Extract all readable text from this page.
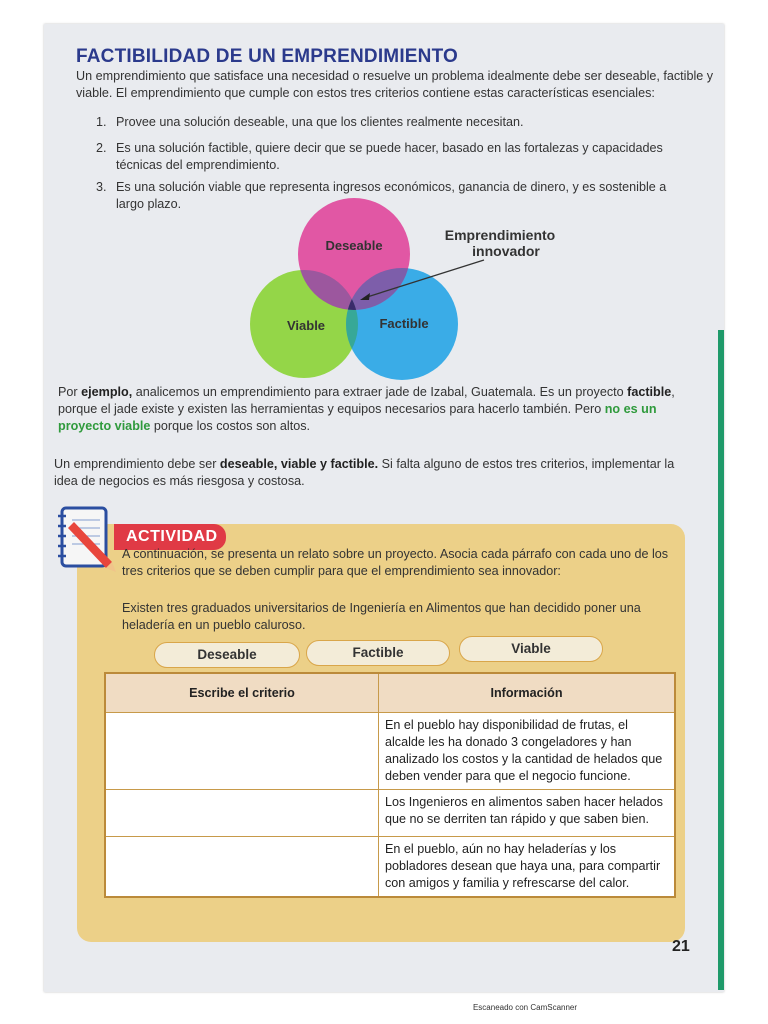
FACTIBILIDAD DE UN EMPRENDIMIENTO
Un emprendimiento que satisface una necesidad o resuelve un problema idealmente debe ser deseable, factible y viable. El emprendimiento que cumple con estos tres criterios contiene estas características esenciales:
1. Provee una solución deseable, una que los clientes realmente necesitan.
2. Es una solución factible, quiere decir que se puede hacer, basado en las fortalezas y capacidades técnicas del emprendimiento.
3. Es una solución viable que representa ingresos económicos, ganancia de dinero, y es sostenible a largo plazo.
Deseable
Viable	Factible
Emprendimiento
innovador
Por ejemplo, analicemos un emprendimiento para extraer jade de Izabal, Guatemala. Es un proyecto factible, porque el jade existe y existen las herramientas y equipos necesarios para hacerlo también. Pero no es un proyecto viable porque los costos son altos.
Un emprendimiento debe ser deseable, viable y factible. Si falta alguno de estos tres criterios, implementar la idea de negocios es más riesgosa y costosa.
ACTIVIDAD
A continuación, se presenta un relato sobre un proyecto. Asocia cada párrafo con cada uno de los tres criterios que se deben cumplir para que el emprendimiento sea innovador:
Existen tres graduados universitarios de Ingeniería en Alimentos que han decidido poner una heladería en un pueblo caluroso.
Deseable	Factible	Viable
Escribe el criterio	Información
	En el pueblo hay disponibilidad de frutas, el alcalde les ha donado 3 congeladores y han analizado los costos y la cantidad de helados que deben vender para que el negocio funcione.
	Los Ingenieros en alimentos saben hacer helados que no se derriten tan rápido y que saben bien.
	En el pueblo, aún no hay heladerías y los pobladores desean que haya una, para compartir con amigos y familia y refrescarse del calor.
21
Escaneado con CamScanner
